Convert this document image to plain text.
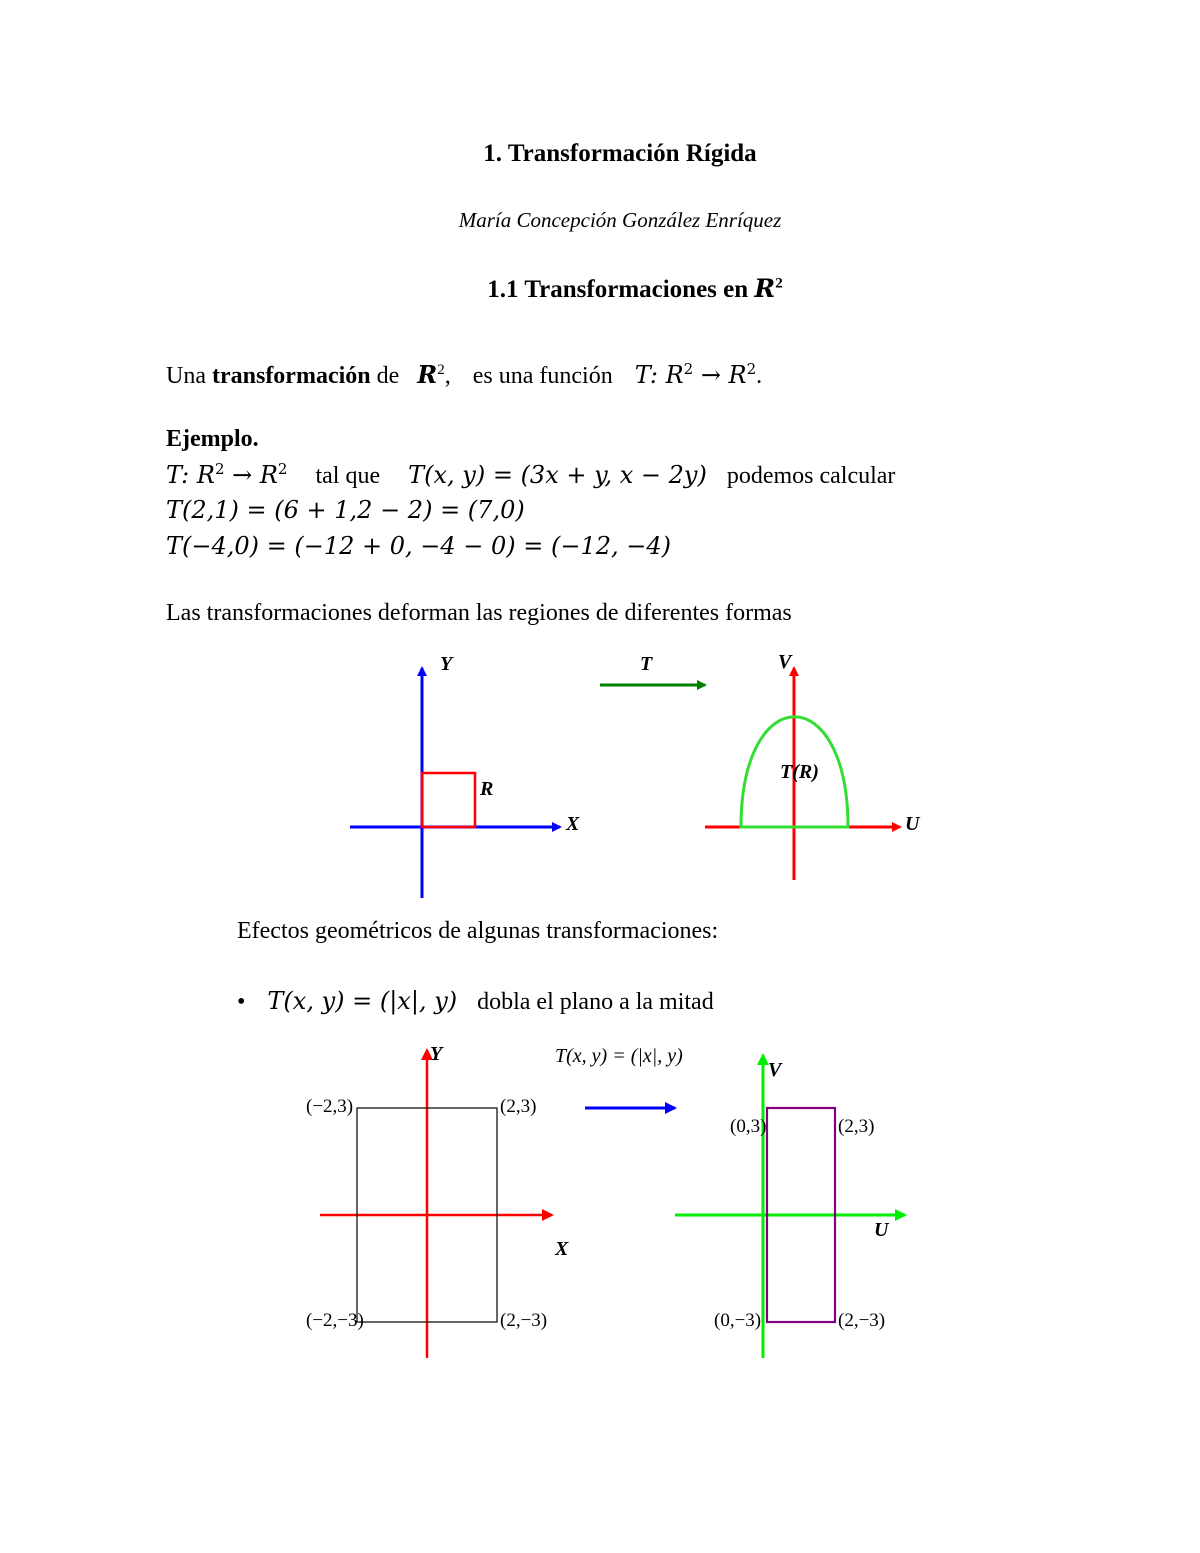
1. Transformación Rígida
María Concepción González Enríquez
1.1 Transformaciones en $R^2$
Una transformación de $R^2$, es una función T: $R^2 \to R^2$.
Ejemplo.
T: $R^2 \to R^2$ tal que T(x, y) = (3x + y, x − 2y) podemos calcular
T(2,1) = (6 + 1,2 − 2) = (7,0)
T(−4,0) = (−12 + 0, −4 − 0) = (−12, −4)
Las transformaciones deforman las regiones de diferentes formas
Y
X
R
T	V
U
T(R)
Efectos geométricos de algunas transformaciones:
• T(x, y) = (|x|, y) dobla el plano a la mitad
Y
X
(−2,3)	(2,3)
(−2,−3)	(2,−3)
T(x, y) = (|x|, y)
V
U
(0,3)	(2,3)
(0,−3)	(2,−3)
